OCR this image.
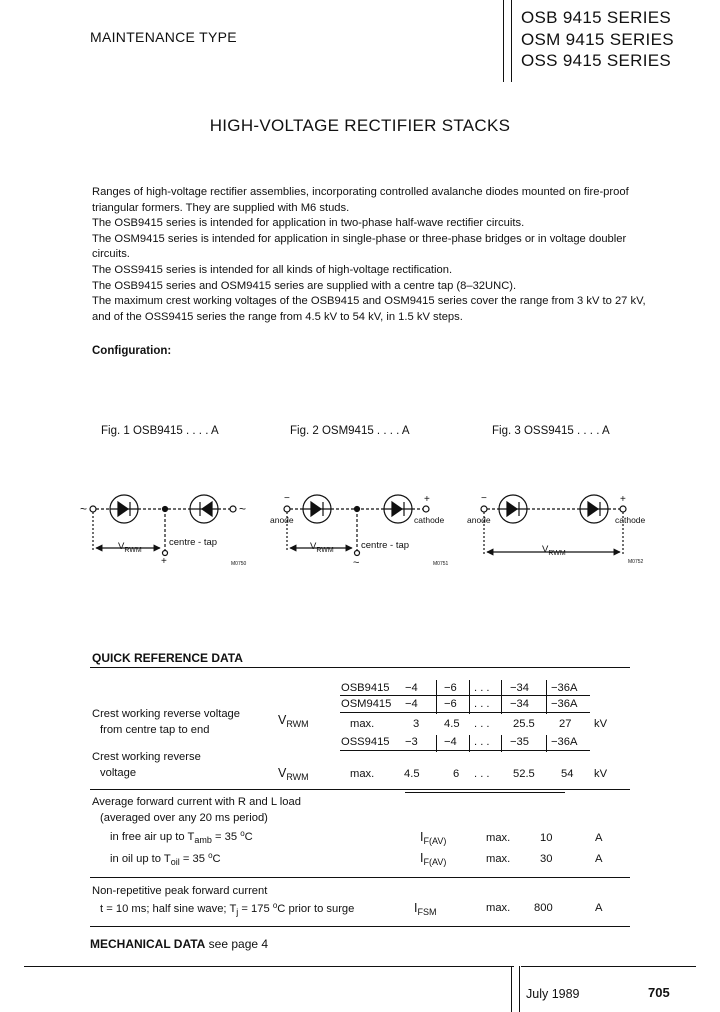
MAINTENANCE TYPE
OSB 9415 SERIES
OSM 9415 SERIES
OSS 9415 SERIES
HIGH-VOLTAGE RECTIFIER STACKS

Ranges of high-voltage rectifier assemblies, incorporating controlled avalanche diodes mounted on fire-proof triangular formers. They are supplied with M6 studs.

The OSB9415 series is intended for application in two-phase half-wave rectifier circuits.

The OSM9415 series is intended for application in single-phase or three-phase bridges or in voltage doubler circuits.

The OSS9415 series is intended for all kinds of high-voltage rectification.

The OSB9415 series and OSM9415 series are supplied with a centre tap (8–32UNC).

The maximum crest working voltages of the OSB9415 and OSM9415 series cover the range from 3 kV to 27 kV, and of the OSS9415 series the range from 4.5 kV to 54 kV, in 1.5 kV steps.

Configuration:
Fig. 1 OSB9415 . . . . A	Fig. 2 OSM9415 . . . . A	Fig. 3 OSS9415 . . . . A
~	~
$V_{RWM}$
centre - tap
+	M0750
−
anode
+
cathode
$V_{RWM}$	centre - tap
~	M0751
−
anode
+
cathode
$V_{RWM}$
M0752
QUICK REFERENCE DATA
OSB9415 −4 −6 . . . −34 −36A
OSM9415 −4 −6 . . . −34 −36A
Crest working reverse voltage
from centre tap to end
$V_{RWM}$	max.	3 4.5 . . . 25.5 27 kV
OSS9415 −3 −4 . . . −35 −36A
Crest working reverse
voltage	$V_{RWM}$	max.	4.5	6 . . . 52.5 54 kV
Average forward current with R and L load
(averaged over any 20 ms period)
in free air up to $T_{amb} = 35$ $^o$C	$I_{F(AV)}$	max.	10	A
in oil up to $T_{oil} = 35$ $^o$C	$I_{F(AV)}$	max.	30	A
Non-repetitive peak forward current
t = 10 ms; half sine wave; $T_j = 175$ $^o$C prior to surge	$I_{FSM}$	max. 800	A
MECHANICAL DATA see page 4
July 1989	705
